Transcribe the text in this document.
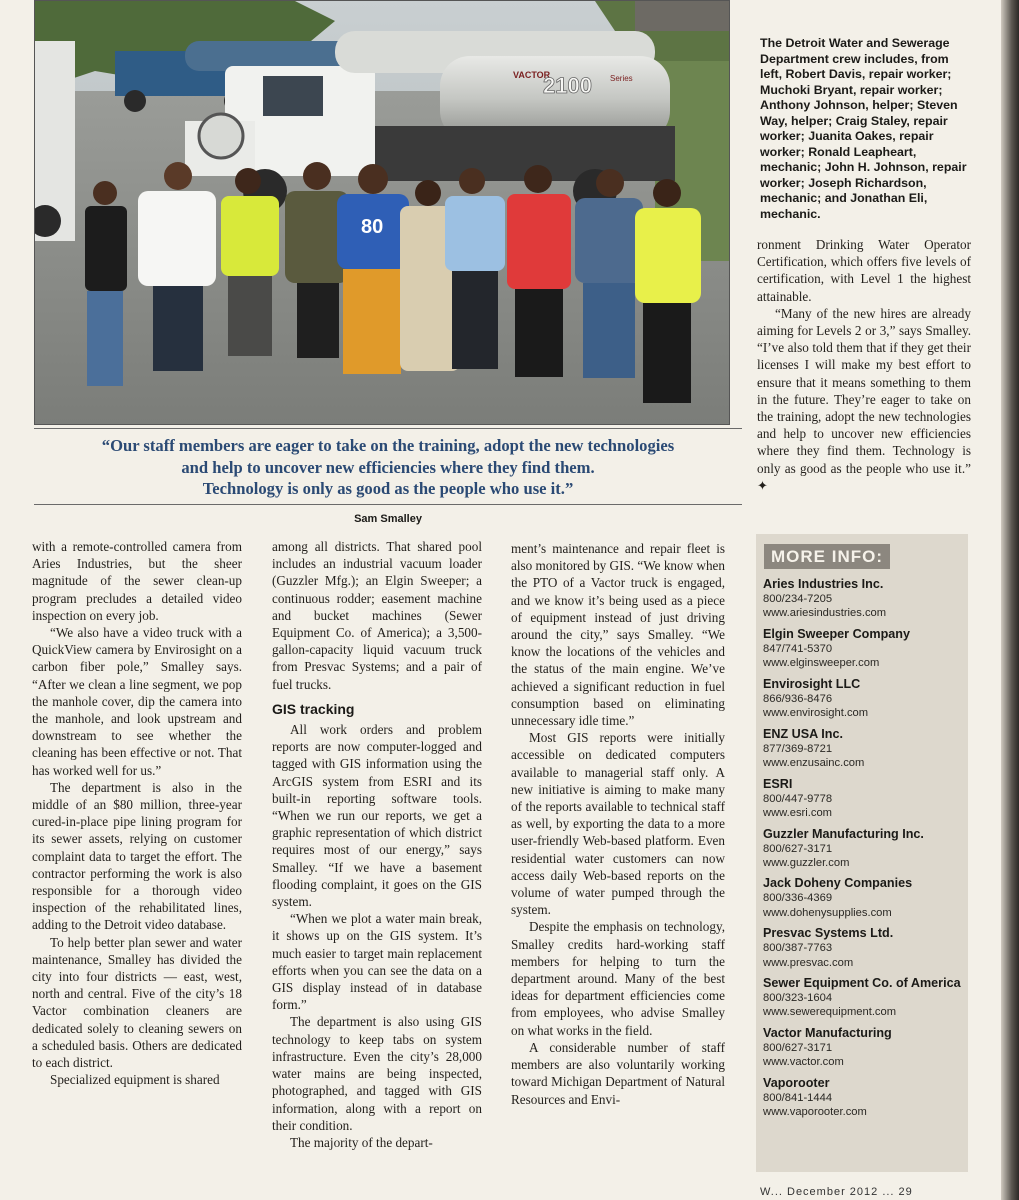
VACTOR
2100 Series
80
The Detroit Water and Sewerage Department crew includes, from left, Robert Davis, repair worker; Muchoki Bryant, repair worker; Anthony Johnson, helper; Steven Way, helper; Craig Staley, repair worker; Juanita Oakes, repair worker; Ronald Leapheart, mechanic; John H. Johnson, repair worker; Joseph Richardson, mechanic; and Jonathan Eli, mechanic.
“Our staff members are eager to take on the training, adopt the new technologies
and help to uncover new efficiencies where they find them.
Technology is only as good as the people who use it.”
Sam Smalley

with a remote-controlled camera from Aries Industries, but the sheer magnitude of the sewer clean-up program precludes a detailed video inspection on every job.

“We also have a video truck with a QuickView camera by Envirosight on a carbon fiber pole,” Smalley says. “After we clean a line segment, we pop the manhole cover, dip the camera into the manhole, and look upstream and downstream to see whether the cleaning has been effective or not. That has worked well for us.”

The department is also in the middle of an $80 million, three-year cured-in-place pipe lining program for its sewer assets, relying on customer complaint data to target the effort. The contractor performing the work is also responsible for a thorough video inspection of the rehabilitated lines, adding to the Detroit video database.

To help better plan sewer and water maintenance, Smalley has divided the city into four districts — east, west, north and central. Five of the city’s 18 Vactor combination cleaners are dedicated solely to cleaning sewers on a scheduled basis. Others are dedicated to each district.

Specialized equipment is shared

among all districts. That shared pool includes an industrial vacuum loader (Guzzler Mfg.); an Elgin Sweeper; a continuous rodder; easement machine and bucket machines (Sewer Equipment Co. of America); a 3,500-gallon-capacity liquid vacuum truck from Presvac Systems; and a pair of fuel trucks.

GIS tracking

All work orders and problem reports are now computer-logged and tagged with GIS information using the ArcGIS system from ESRI and its built-in reporting software tools. “When we run our reports, we get a graphic representation of which district requires most of our energy,” says Smalley. “If we have a basement flooding complaint, it goes on the GIS system.

“When we plot a water main break, it shows up on the GIS system. It’s much easier to target main replacement efforts when you can see the data on a GIS display instead of in database form.”

The department is also using GIS technology to keep tabs on system infrastructure. Even the city’s 28,000 water mains are being inspected, photographed, and tagged with GIS information, along with a report on their condition.

The majority of the depart-

ment’s maintenance and repair fleet is also monitored by GIS. “We know when the PTO of a Vactor truck is engaged, and we know it’s being used as a piece of equipment instead of just driving around the city,” says Smalley. “We know the locations of the vehicles and the status of the main engine. We’ve achieved a significant reduction in fuel consumption based on eliminating unnecessary idle time.”

Most GIS reports were initially accessible on dedicated computers available to managerial staff only. A new initiative is aiming to make many of the reports available to technical staff as well, by exporting the data to a more user-friendly Web-based platform. Even residential water customers can now access daily Web-based reports on the volume of water pumped through the system.

Despite the emphasis on technology, Smalley credits hard-working staff members for helping to turn the department around. Many of the best ideas for department efficiencies come from employees, who advise Smalley on what works in the field.

A considerable number of staff members are also voluntarily working toward Michigan Department of Natural Resources and Envi-

ronment Drinking Water Operator Certification, which offers five levels of certification, with Level 1 the highest attainable.

“Many of the new hires are already aiming for Levels 2 or 3,” says Smalley. “I’ve also told them that if they get their licenses I will make my best effort to ensure that it means something to them in the future. They’re eager to take on the training, adopt the new technologies and help to uncover new efficiencies where they find them. Technology is only as good as the people who use it.” ✦

MORE INFO:
Aries Industries Inc.
800/234-7205
www.ariesindustries.com
Elgin Sweeper Company
847/741-5370
www.elginsweeper.com
Envirosight LLC
866/936-8476
www.envirosight.com
ENZ USA Inc.
877/369-8721
www.enzusainc.com
ESRI
800/447-9778
www.esri.com
Guzzler Manufacturing Inc.
800/627-3171
www.guzzler.com
Jack Doheny Companies
800/336-4369
www.dohenysupplies.com
Presvac Systems Ltd.
800/387-7763
www.presvac.com
Sewer Equipment Co. of America
800/323-1604
www.sewerequipment.com
Vactor Manufacturing
800/627-3171
www.vactor.com
Vaporooter
800/841-1444
www.vaporooter.com
W... December 2012 ... 29
